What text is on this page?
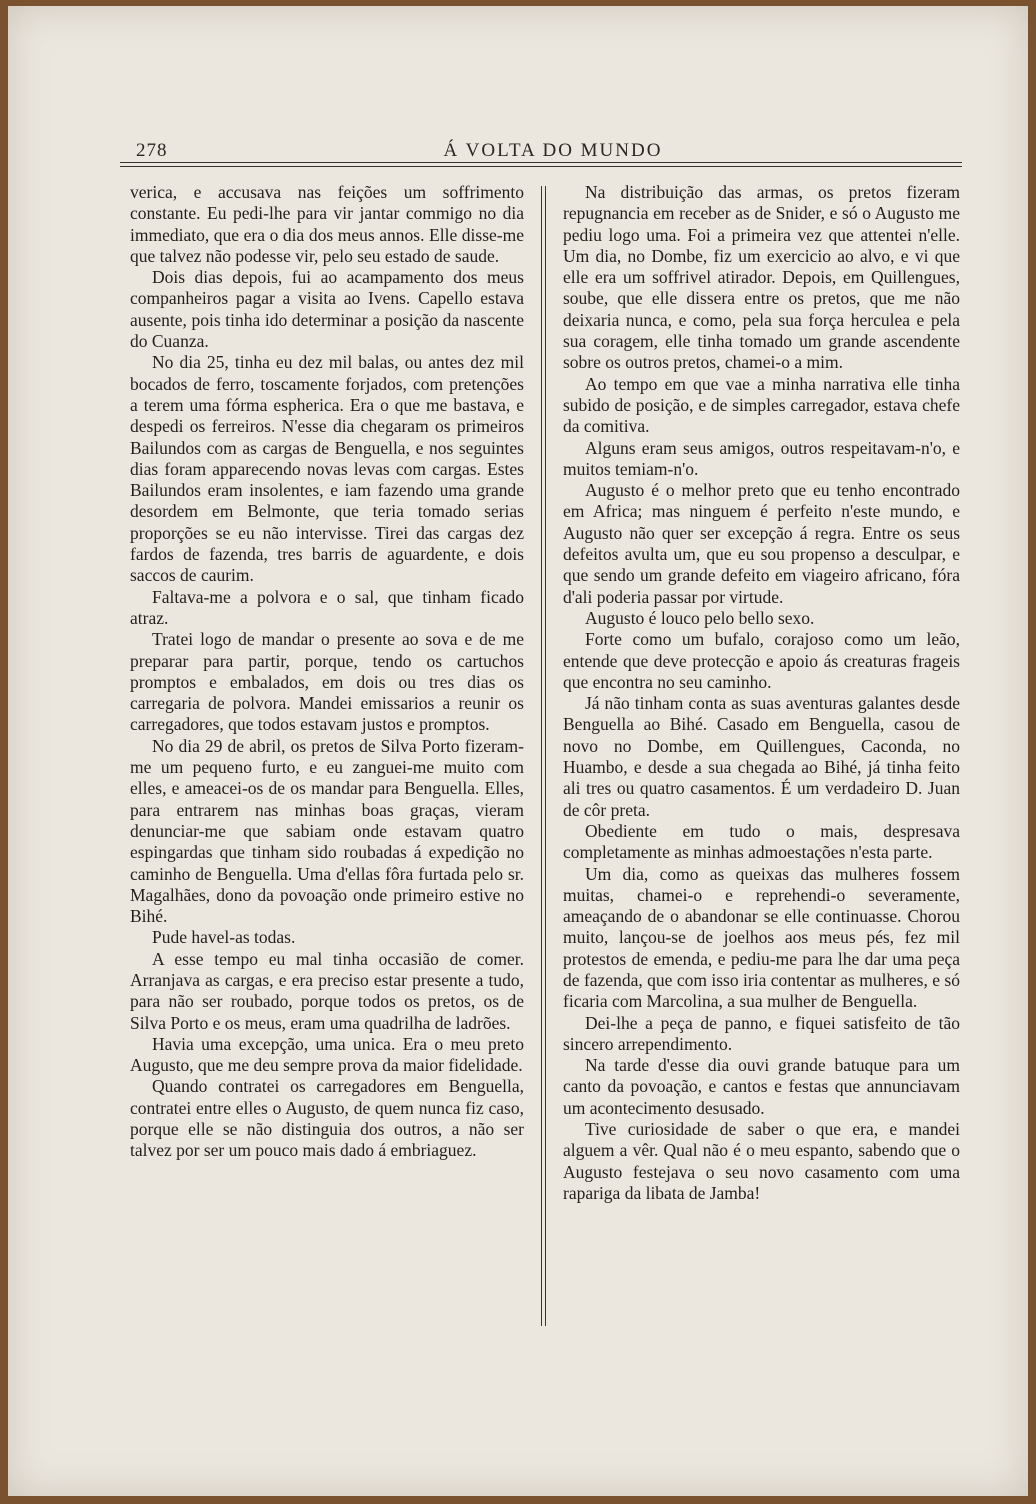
278	Á VOLTA DO MUNDO

verica, e accusava nas feições um soffrimento constante. Eu pedi-lhe para vir jantar commigo no dia immediato, que era o dia dos meus annos. Elle disse-me que talvez não podesse vir, pelo seu estado de saude.

Dois dias depois, fui ao acampamento dos meus companheiros pagar a visita ao Ivens. Capello estava ausente, pois tinha ido determinar a posição da nascente do Cuanza.

No dia 25, tinha eu dez mil balas, ou antes dez mil bocados de ferro, toscamente forjados, com pretenções a terem uma fórma espherica. Era o que me bastava, e despedi os ferreiros. N'esse dia chegaram os primeiros Bailundos com as cargas de Benguella, e nos seguintes dias foram apparecendo novas levas com cargas. Estes Bailundos eram insolentes, e iam fazendo uma grande desordem em Belmonte, que teria tomado serias proporções se eu não intervisse. Tirei das cargas dez fardos de fazenda, tres barris de aguardente, e dois saccos de caurim.

Faltava-me a polvora e o sal, que tinham ficado atraz.

Tratei logo de mandar o presente ao sova e de me preparar para partir, porque, tendo os cartuchos promptos e embalados, em dois ou tres dias os carregaria de polvora. Mandei emissarios a reunir os carregadores, que todos estavam justos e promptos.

No dia 29 de abril, os pretos de Silva Porto fizeram-me um pequeno furto, e eu zanguei-me muito com elles, e ameacei-os de os mandar para Benguella. Elles, para entrarem nas minhas boas graças, vieram denunciar-me que sabiam onde estavam quatro espingardas que tinham sido roubadas á expedição no caminho de Benguella. Uma d'ellas fôra furtada pelo sr. Magalhães, dono da povoação onde primeiro estive no Bihé.

Pude havel-as todas.

A esse tempo eu mal tinha occasião de comer. Arranjava as cargas, e era preciso estar presente a tudo, para não ser roubado, porque todos os pretos, os de Silva Porto e os meus, eram uma quadrilha de ladrões.

Havia uma excepção, uma unica. Era o meu preto Augusto, que me deu sempre prova da maior fidelidade.

Quando contratei os carregadores em Benguella, contratei entre elles o Augusto, de quem nunca fiz caso, porque elle se não distinguia dos outros, a não ser talvez por ser um pouco mais dado á embriaguez.

Na distribuição das armas, os pretos fizeram repugnancia em receber as de Snider, e só o Augusto me pediu logo uma. Foi a primeira vez que attentei n'elle. Um dia, no Dombe, fiz um exercicio ao alvo, e vi que elle era um soffrivel atirador. Depois, em Quillengues, soube, que elle dissera entre os pretos, que me não deixaria nunca, e como, pela sua força herculea e pela sua coragem, elle tinha tomado um grande ascendente sobre os outros pretos, chamei-o a mim.

Ao tempo em que vae a minha narrativa elle tinha subido de posição, e de simples carregador, estava chefe da comitiva.

Alguns eram seus amigos, outros respeitavam-n'o, e muitos temiam-n'o.

Augusto é o melhor preto que eu tenho encontrado em Africa; mas ninguem é perfeito n'este mundo, e Augusto não quer ser excepção á regra. Entre os seus defeitos avulta um, que eu sou propenso a desculpar, e que sendo um grande defeito em viageiro africano, fóra d'ali poderia passar por virtude.

Augusto é louco pelo bello sexo.

Forte como um bufalo, corajoso como um leão, entende que deve protecção e apoio ás creaturas frageis que encontra no seu caminho.

Já não tinham conta as suas aventuras galantes desde Benguella ao Bihé. Casado em Benguella, casou de novo no Dombe, em Quillengues, Caconda, no Huambo, e desde a sua chegada ao Bihé, já tinha feito ali tres ou quatro casamentos. É um verdadeiro D. Juan de côr preta.

Obediente em tudo o mais, despresava completamente as minhas admoestações n'esta parte.

Um dia, como as queixas das mulheres fossem muitas, chamei-o e reprehendi-o severamente, ameaçando de o abandonar se elle continuasse. Chorou muito, lançou-se de joelhos aos meus pés, fez mil protestos de emenda, e pediu-me para lhe dar uma peça de fazenda, que com isso iria contentar as mulheres, e só ficaria com Marcolina, a sua mulher de Benguella.

Dei-lhe a peça de panno, e fiquei satisfeito de tão sincero arrependimento.

Na tarde d'esse dia ouvi grande batuque para um canto da povoação, e cantos e festas que annunciavam um acontecimento desusado.

Tive curiosidade de saber o que era, e mandei alguem a vêr. Qual não é o meu espanto, sabendo que o Augusto festejava o seu novo casamento com uma rapariga da libata de Jamba!
